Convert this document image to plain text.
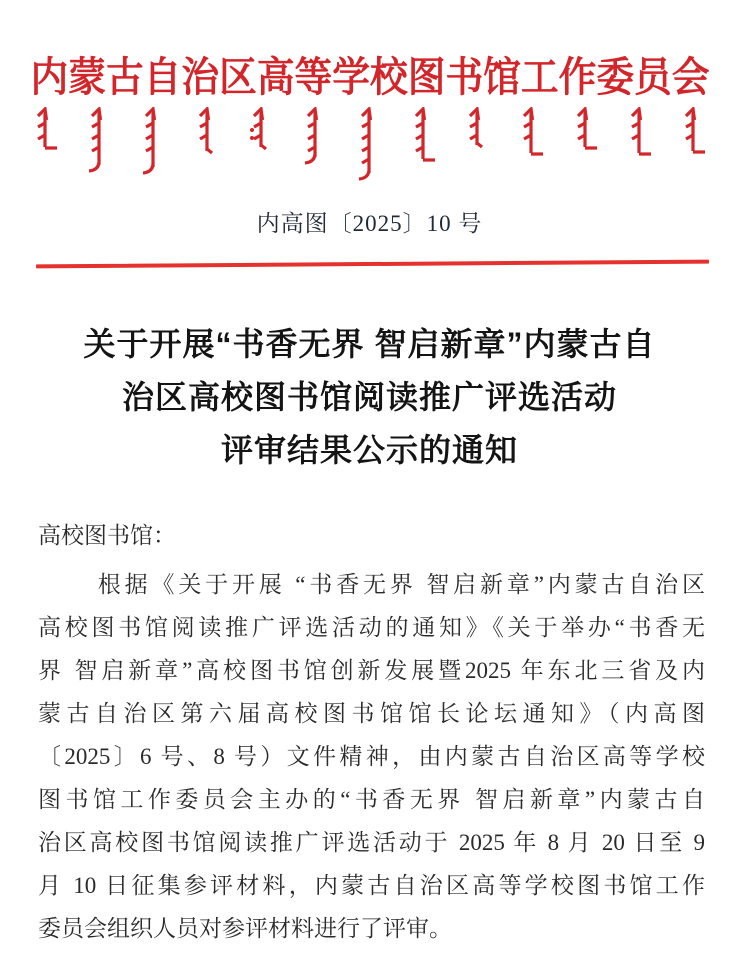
内蒙古自治区高等学校图书馆工作委员会
内高图〔2025〕10 号
关于开展“书香无界 智启新章”内蒙古自
治区高校图书馆阅读推广评选活动
评审结果公示的通知
高校图书馆：
根据《关于开展 “书香无界 智启新章”内蒙古自治区
高校图书馆阅读推广评选活动的通知》《关于举办“书香无
界 智启新章”高校图书馆创新发展暨2025 年东北三省及内
蒙古自治区第六届高校图书馆馆长论坛通知》（内高图
〔2025〕6 号、8 号）文件精神，由内蒙古自治区高等学校
图书馆工作委员会主办的“书香无界 智启新章”内蒙古自
治区高校图书馆阅读推广评选活动于 2025 年 8 月 20 日至 9
月 10 日征集参评材料，内蒙古自治区高等学校图书馆工作
委员会组织人员对参评材料进行了评审。
